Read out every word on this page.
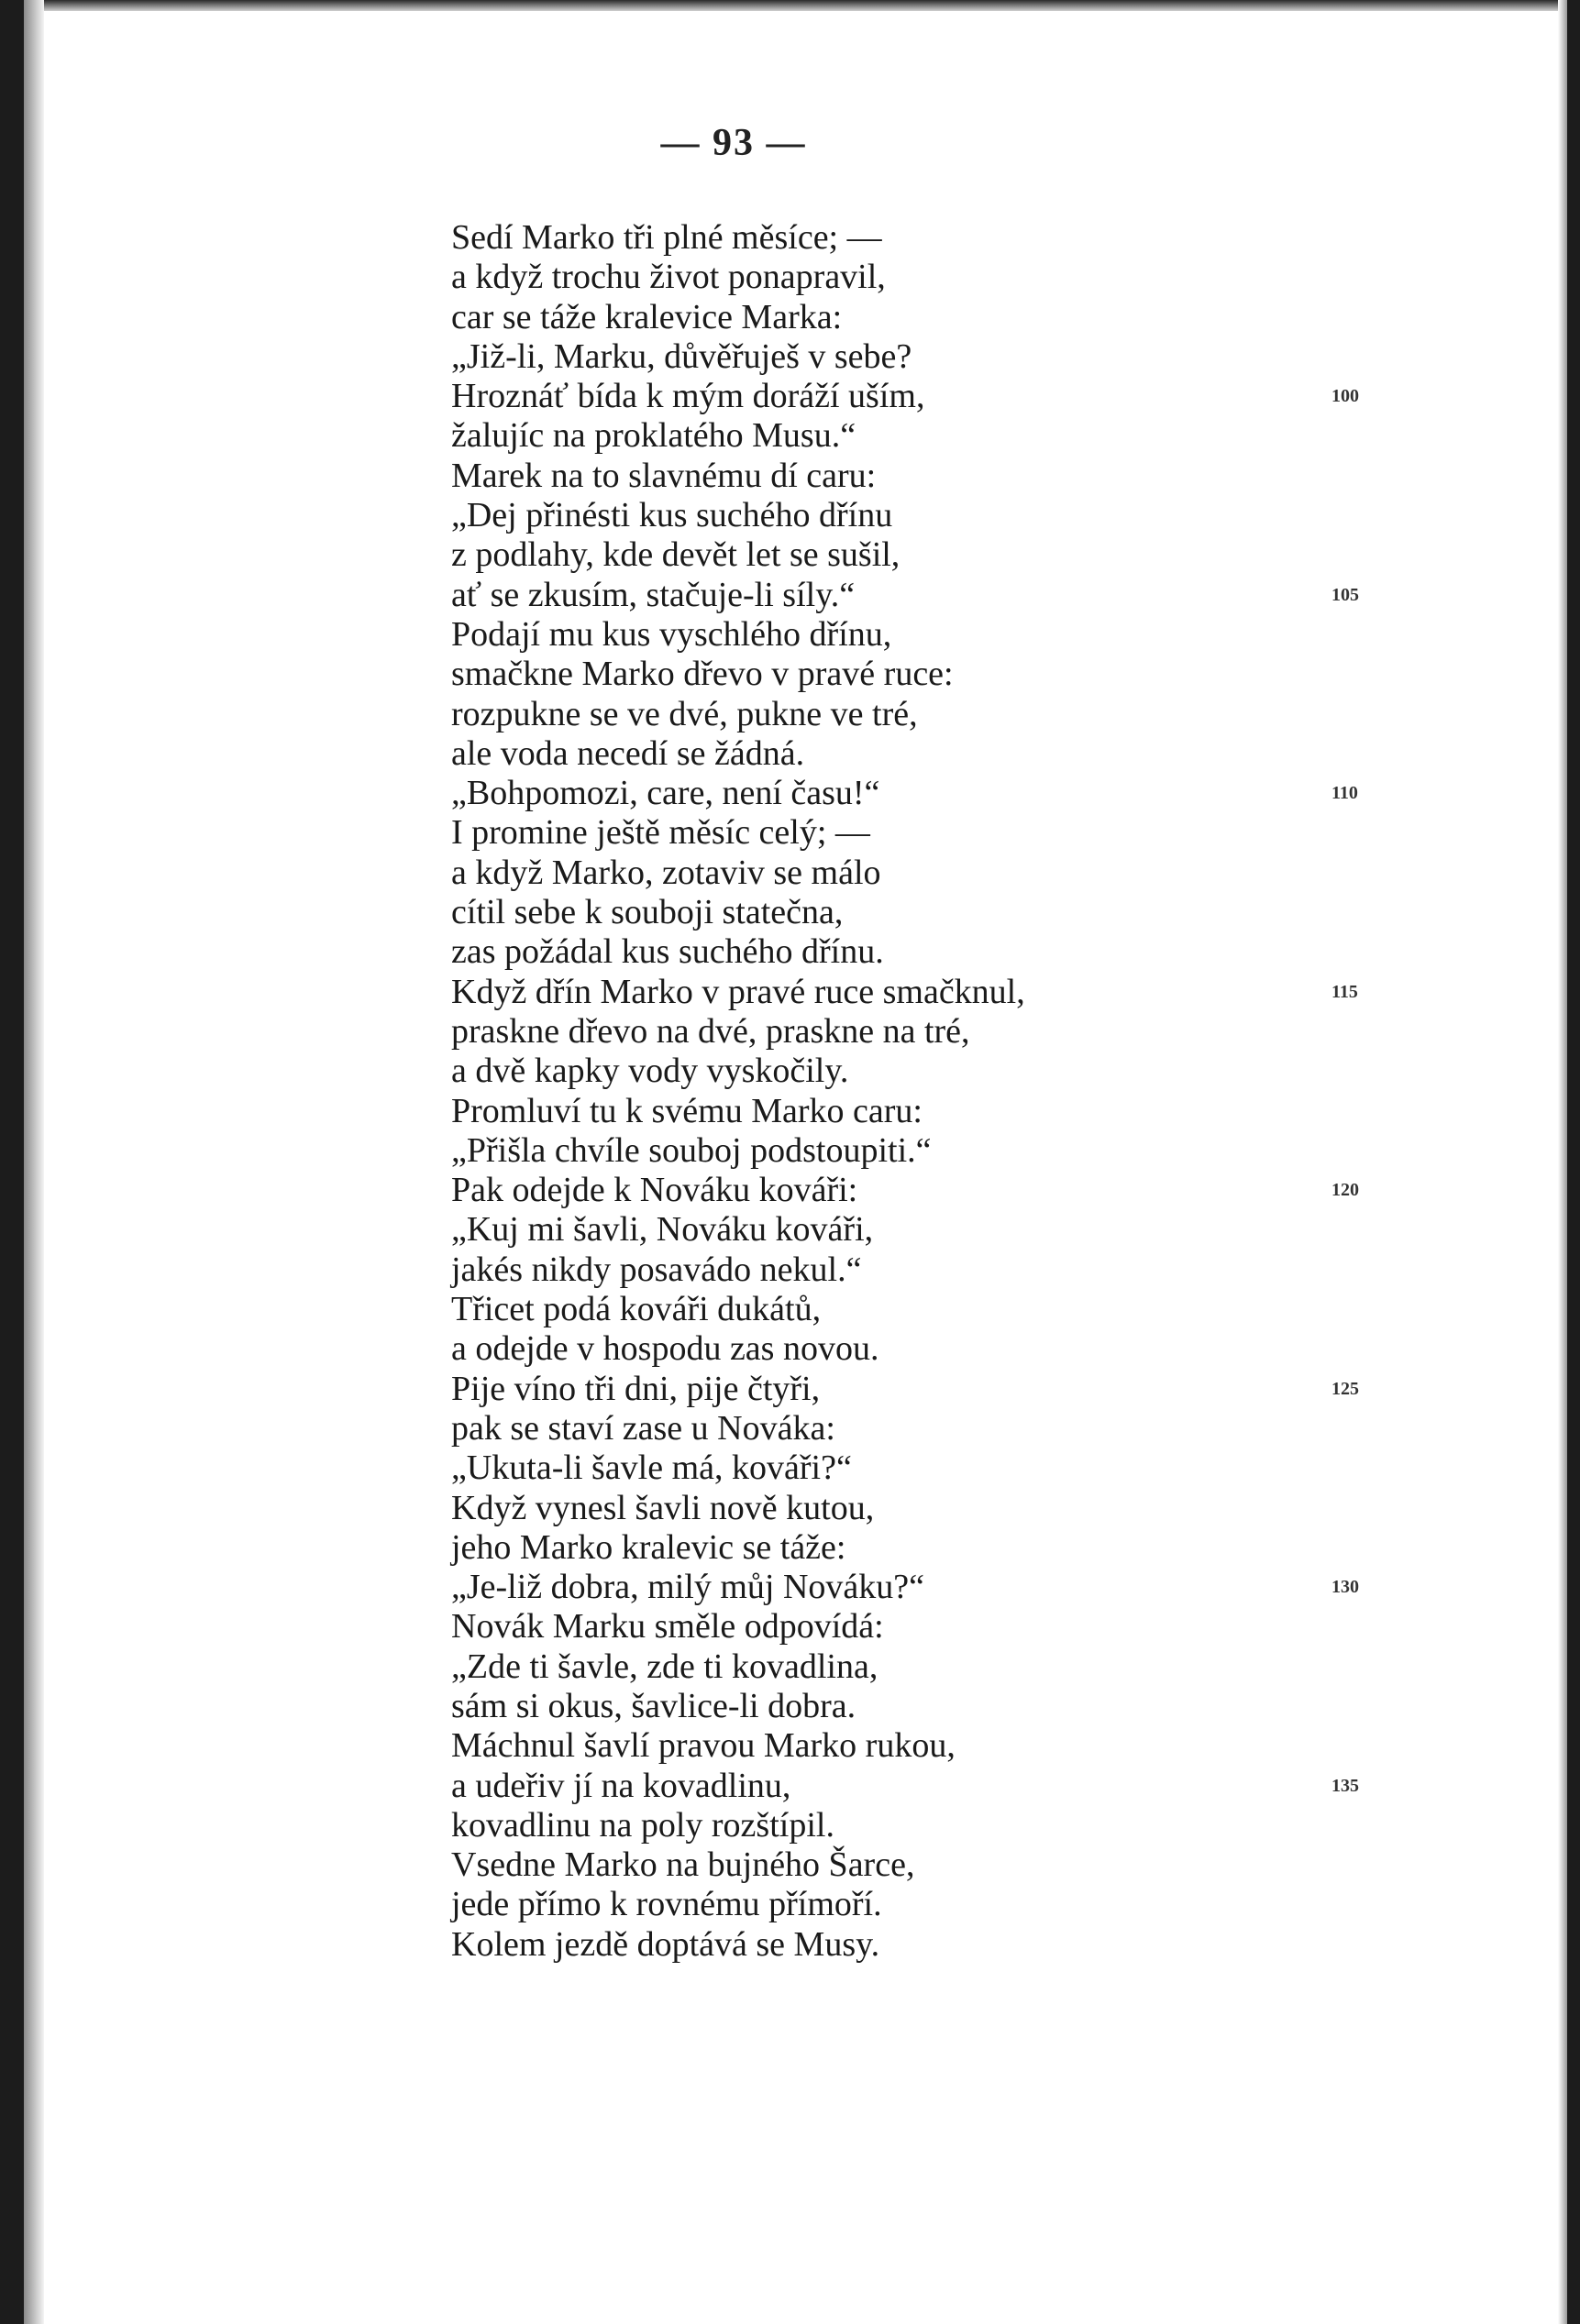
— 93 —
Sedí Marko tři plné měsíce; —
a když trochu život ponapravil,
car se táže kralevice Marka:
„Již-li, Marku, důvěřuješ v sebe?
Hroznáť bída k mým doráží uším,	100
žalujíc na proklatého Musu.“
Marek na to slavnému dí caru:
„Dej přinésti kus suchého dřínu
z podlahy, kde devět let se sušil,
ať se zkusím, stačuje-li síly.“	105
Podají mu kus vyschlého dřínu,
smačkne Marko dřevo v pravé ruce:
rozpukne se ve dvé, pukne ve tré,
ale voda necedí se žádná.
„Bohpomozi, care, není času!“	110
I promine ještě měsíc celý; —
a když Marko, zotaviv se málo
cítil sebe k souboji statečna,
zas požádal kus suchého dřínu.
Když dřín Marko v pravé ruce smačknul,	115
praskne dřevo na dvé, praskne na tré,
a dvě kapky vody vyskočily.
Promluví tu k svému Marko caru:
„Přišla chvíle souboj podstoupiti.“
Pak odejde k Nováku kováři:	120
„Kuj mi šavli, Nováku kováři,
jakés nikdy posavádo nekul.“
Třicet podá kováři dukátů,
a odejde v hospodu zas novou.
Pije víno tři dni, pije čtyři,	125
pak se staví zase u Nováka:
„Ukuta-li šavle má, kováři?“
Když vynesl šavli nově kutou,
jeho Marko kralevic se táže:
„Je-liž dobra, milý můj Nováku?“	130
Novák Marku směle odpovídá:
„Zde ti šavle, zde ti kovadlina,
sám si okus, šavlice-li dobra.
Máchnul šavlí pravou Marko rukou,
a udeřiv jí na kovadlinu,	135
kovadlinu na poly rozštípil.
Vsedne Marko na bujného Šarce,
jede přímo k rovnému přímoří.
Kolem jezdě doptává se Musy.
